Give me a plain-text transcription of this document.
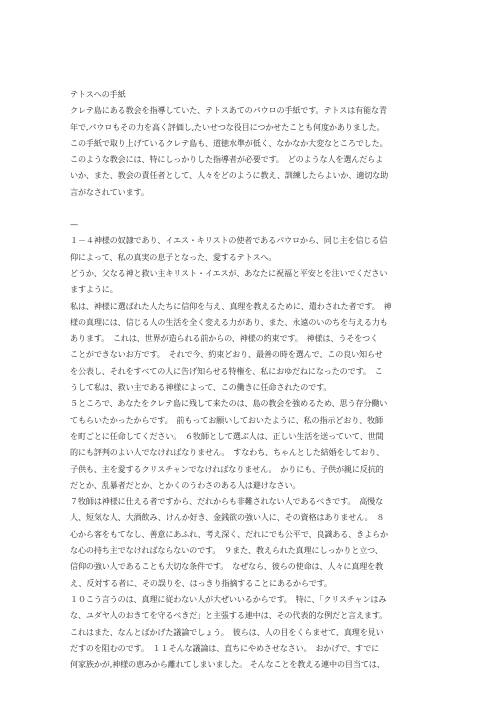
テトスへの手紙
クレテ島にある教会を指導していた、テトスあてのパウロの手紙です。テトスは有能な青
年で,パウロもその力を高く評価し,たいせつな役目につかせたことも何度かありました。
この手紙で取り上げているクレテ島も、道徳水準が低く、なかなか大変なところでした。
このような教会には、特にしっかりした指導者が必要です。　どのような人を選んだらよ
いか、また、教会の責任者として、人々をどのように教え、訓練したらよいか、適切な助
言がなされています。
—
１－４神様の奴隷であり、イエス・キリストの使者であるパウロから、同じ主を信じる信
仰によって、私の真実の息子となった、愛するテトスへ。
どうか、父なる神と救い主キリスト・イエスが、あなたに祝福と平安とを注いでください
ますように。
私は、神様に選ばれた人たちに信仰を与え、真理を教えるために、遣わされた者です。　神
様の真理には、信じる人の生活を全く変える力があり、また、永遠のいのちを与える力も
あります。　これは、世界が造られる前からの、神様の約束です。　神様は、うそをつく
ことができないお方です。　それで今、約束どおり、最善の時を選んで、この良い知らせ
を公表し、それをすべての人に告げ知らせる特権を、私におゆだねになったのです。　こ
うして私は、救い主である神様によって、この働きに任命されたのです。
５ところで、あなたをクレテ島に残して来たのは、島の教会を強めるため、思う存分働い
てもらいたかったからです。　前もってお願いしておいたように、私の指示どおり、牧師
を町ごとに任命してください。　６牧師として選ぶ人は、正しい生活を送っていて、世間
的にも評判のよい人でなければなりません。　すなわち、ちゃんとした結婚をしており、
子供も、主を愛するクリスチャンでなければなりません。　かりにも、子供が親に反抗的
だとか、乱暴者だとか、とかくのうわさのある人は避けなさい。
７牧師は神様に仕える者ですから、だれからも非難されない人であるべきです。　高慢な
人、短気な人、大酒飲み、けんか好き、金銭欲の強い人に、その資格はありません。　８
心から客をもてなし、善意にあふれ、考え深く、だれにでも公平で、良識ある、きよらか
な心の持ち主でなければならないのです。　９また、教えられた真理にしっかりと立つ、
信仰の強い人であることも大切な条件です。　なぜなら、彼らの使命は、人々に真理を教
え、反対する者に、その誤りを、はっきり指摘することにあるからです。
１０こう言うのは、真理に従わない人が大ぜいいるからです。　特に、「クリスチャンはみ
な、ユダヤ人のおきてを守るべきだ」と主張する連中は、その代表的な例だと言えます。
これはまた、なんとばかげた議論でしょう。　彼らは、人の目をくらませて、真理を見い
だすのを阻むのです。　１１そんな議論は、直ちにやめさせなさい。　おかげで、すでに
何家族かが,神様の恵みから離れてしまいました。 そんなことを教える連中の目当ては、
